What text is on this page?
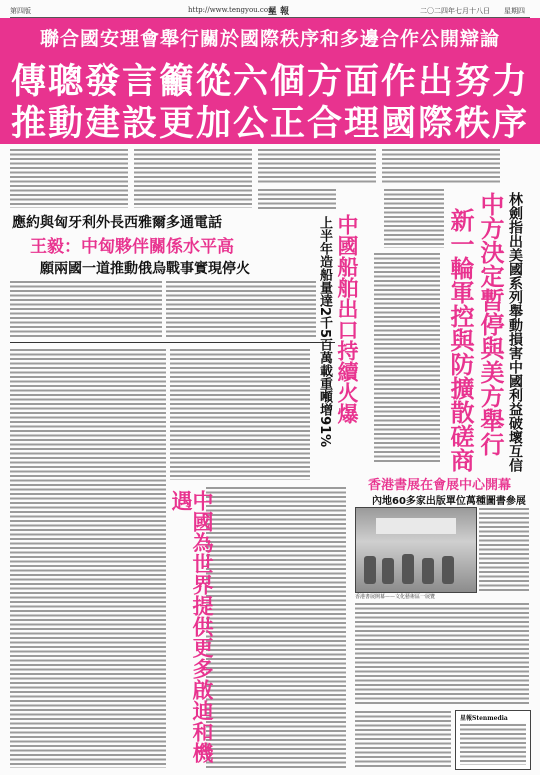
第四版	http://www.tengyou.com
星 報	二〇二四年七月十八日 星期四
聯合國安理會舉行關於國際秩序和多邊合作公開辯論
傳聰發言籲從六個方面作出努力
推動建設更加公正合理國際秩序
應約與匈牙利外長西雅爾多通電話
王毅：中匈夥伴關係水平高
願兩國一道推動俄烏戰事實現停火	中國船舶出口持續火爆
上半年造船量達2千5百萬載重噸增91%	林劍指出美國系列舉動損害中國利益破壞互信
中方決定暫停與美方舉行
新一輪軍控與防擴散磋商
中國為世界提供更多啟迪和機遇
香港書展在會展中心開幕
內地60多家出版單位萬種圖書參展
香港書展開幕——文化藝術區一展覽
星報Stenmedia
